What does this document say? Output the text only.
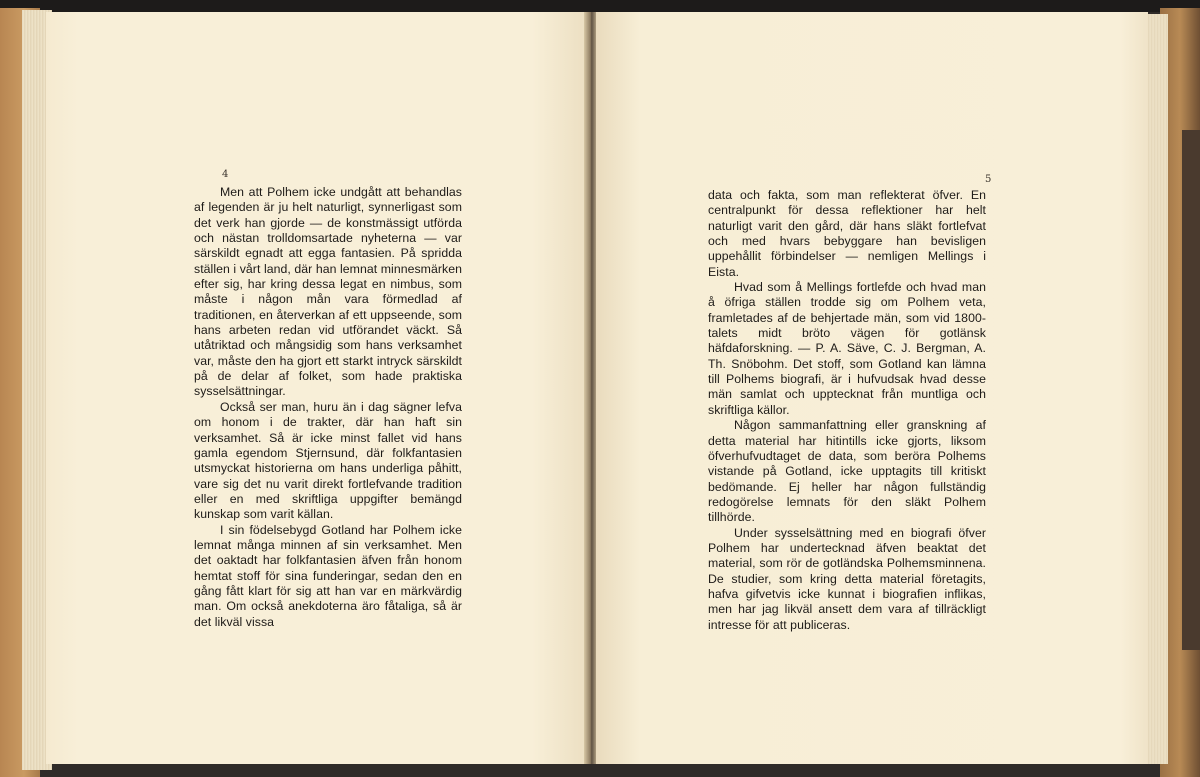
4

Men att Polhem icke undgått att behandlas af legenden är ju helt naturligt, synnerligast som det verk han gjorde — de konstmässigt utförda och nästan trolldomsartade nyheterna — var särskildt egnadt att egga fantasien. På spridda ställen i vårt land, där han lemnat minnesmärken efter sig, har kring dessa legat en nimbus, som måste i någon mån vara förmedlad af traditionen, en återverkan af ett uppseende, som hans arbeten redan vid utförandet väckt. Så utåtriktad och mångsidig som hans verksamhet var, måste den ha gjort ett starkt intryck särskildt på de delar af folket, som hade praktiska sysselsättningar.

Också ser man, huru än i dag sägner lefva om honom i de trakter, där han haft sin verksamhet. Så är icke minst fallet vid hans gamla egendom Stjernsund, där folkfantasien utsmyckat historierna om hans underliga påhitt, vare sig det nu varit direkt fortlefvande tradition eller en med skriftliga uppgifter bemängd kunskap som varit källan.

I sin födelsebygd Gotland har Polhem icke lemnat många minnen af sin verksamhet. Men det oaktadt har folkfantasien äfven från honom hemtat stoff för sina funderingar, sedan den en gång fått klart för sig att han var en märkvärdig man. Om också anekdoterna äro fåtaliga, så är det likväl vissa

5

data och fakta, som man reflekterat öfver. En centralpunkt för dessa reflektioner har helt naturligt varit den gård, där hans släkt fortlefvat och med hvars bebyggare han bevisligen uppehållit förbindelser — nemligen Mellings i Eista.

Hvad som å Mellings fortlefde och hvad man å öfriga ställen trodde sig om Polhem veta, framletades af de behjertade män, som vid 1800-talets midt bröto vägen för gotlänsk häfdaforskning. — P. A. Säve, C. J. Bergman, A. Th. Snöbohm. Det stoff, som Gotland kan lämna till Polhems biografi, är i hufvudsak hvad desse män samlat och upptecknat från muntliga och skriftliga källor.

Någon sammanfattning eller granskning af detta material har hitintills icke gjorts, liksom öfverhufvudtaget de data, som beröra Polhems vistande på Gotland, icke upptagits till kritiskt bedömande. Ej heller har någon fullständig redogörelse lemnats för den släkt Polhem tillhörde.

Under sysselsättning med en biografi öfver Polhem har undertecknad äfven beaktat det material, som rör de gotländska Polhemsminnena. De studier, som kring detta material företagits, hafva gifvetvis icke kunnat i biografien inflikas, men har jag likväl ansett dem vara af tillräckligt intresse för att publiceras.
